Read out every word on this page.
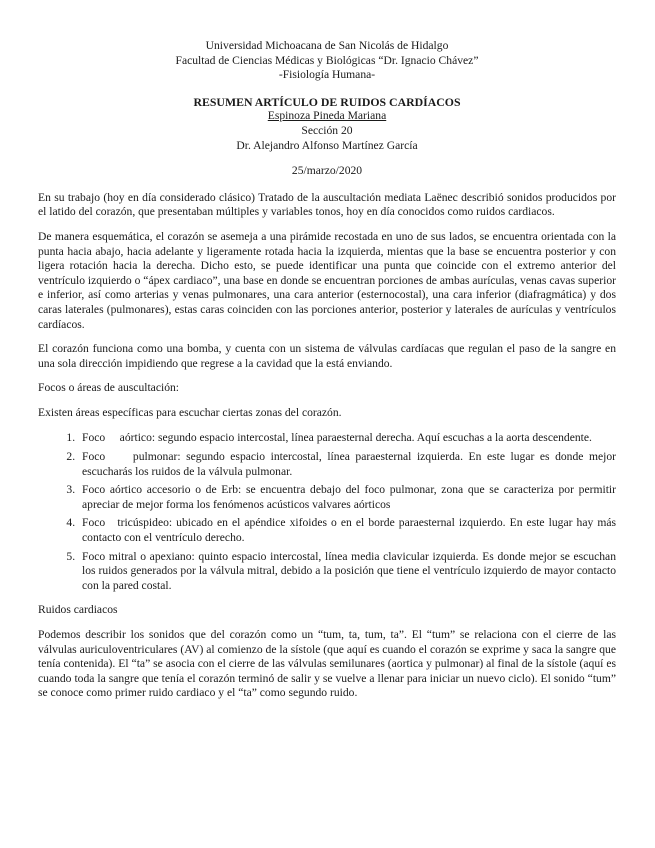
Universidad Michoacana de San Nicolás de Hidalgo
Facultad de Ciencias Médicas y Biológicas “Dr. Ignacio Chávez”
-Fisiología Humana-
RESUMEN ARTÍCULO DE RUIDOS CARDÍACOS
Espinoza Pineda Mariana
Sección 20
Dr. Alejandro Alfonso Martínez García
25/marzo/2020

En su trabajo (hoy en día considerado clásico) Tratado de la auscultación mediata Laënec describió sonidos producidos por el latido del corazón, que presentaban múltiples y variables tonos, hoy en día conocidos como ruidos cardiacos.

De manera esquemática, el corazón se asemeja a una pirámide recostada en uno de sus lados, se encuentra orientada con la punta hacia abajo, hacia adelante y ligeramente rotada hacia la izquierda, mientas que la base se encuentra posterior y con ligera rotación hacia la derecha. Dicho esto, se puede identificar una punta que coincide con el extremo anterior del ventrículo izquierdo o “ápex cardiaco”, una base en donde se encuentran porciones de ambas aurículas, venas cavas superior e inferior, así como arterias y venas pulmonares, una cara anterior (esternocostal), una cara inferior (diafragmática) y dos caras laterales (pulmonares), estas caras coinciden con las porciones anterior, posterior y laterales de aurículas y ventrículos cardíacos.

El corazón funciona como una bomba, y cuenta con un sistema de válvulas cardíacas que regulan el paso de la sangre en una sola dirección impidiendo que regrese a la cavidad que la está enviando.

Focos o áreas de auscultación:

Existen áreas específicas para escuchar ciertas zonas del corazón.

1. Foco     aórtico: segundo espacio intercostal, línea paraesternal derecha. Aquí escuchas a la aorta descendente.
2. Foco     pulmonar: segundo espacio intercostal, línea paraesternal izquierda. En este lugar es donde mejor escucharás los ruidos de la válvula pulmonar.
3. Foco aórtico accesorio o de Erb: se encuentra debajo del foco pulmonar, zona que se caracteriza por permitir apreciar de mejor forma los fenómenos acústicos valvares aórticos
4. Foco   tricúspideo: ubicado en el apéndice xifoides o en el borde paraesternal izquierdo. En este lugar hay más contacto con el ventrículo derecho.
5. Foco mitral o apexiano: quinto espacio intercostal, línea media clavicular izquierda. Es donde mejor se escuchan los ruidos generados por la válvula mitral, debido a la posición que tiene el ventrículo izquierdo de mayor contacto con la pared costal.

Ruidos cardiacos

Podemos describir los sonidos que del corazón como un “tum, ta, tum, ta”. El “tum” se relaciona con el cierre de las válvulas auriculoventriculares (AV) al comienzo de la sístole (que aquí es cuando el corazón se exprime y saca la sangre que tenía contenida). El “ta” se asocia con el cierre de las válvulas semilunares (aortica y pulmonar) al final de la sístole (aquí es cuando toda la sangre que tenía el corazón terminó de salir y se vuelve a llenar para iniciar un nuevo ciclo). El sonido “tum” se conoce como primer ruido cardiaco y el “ta” como segundo ruido.
